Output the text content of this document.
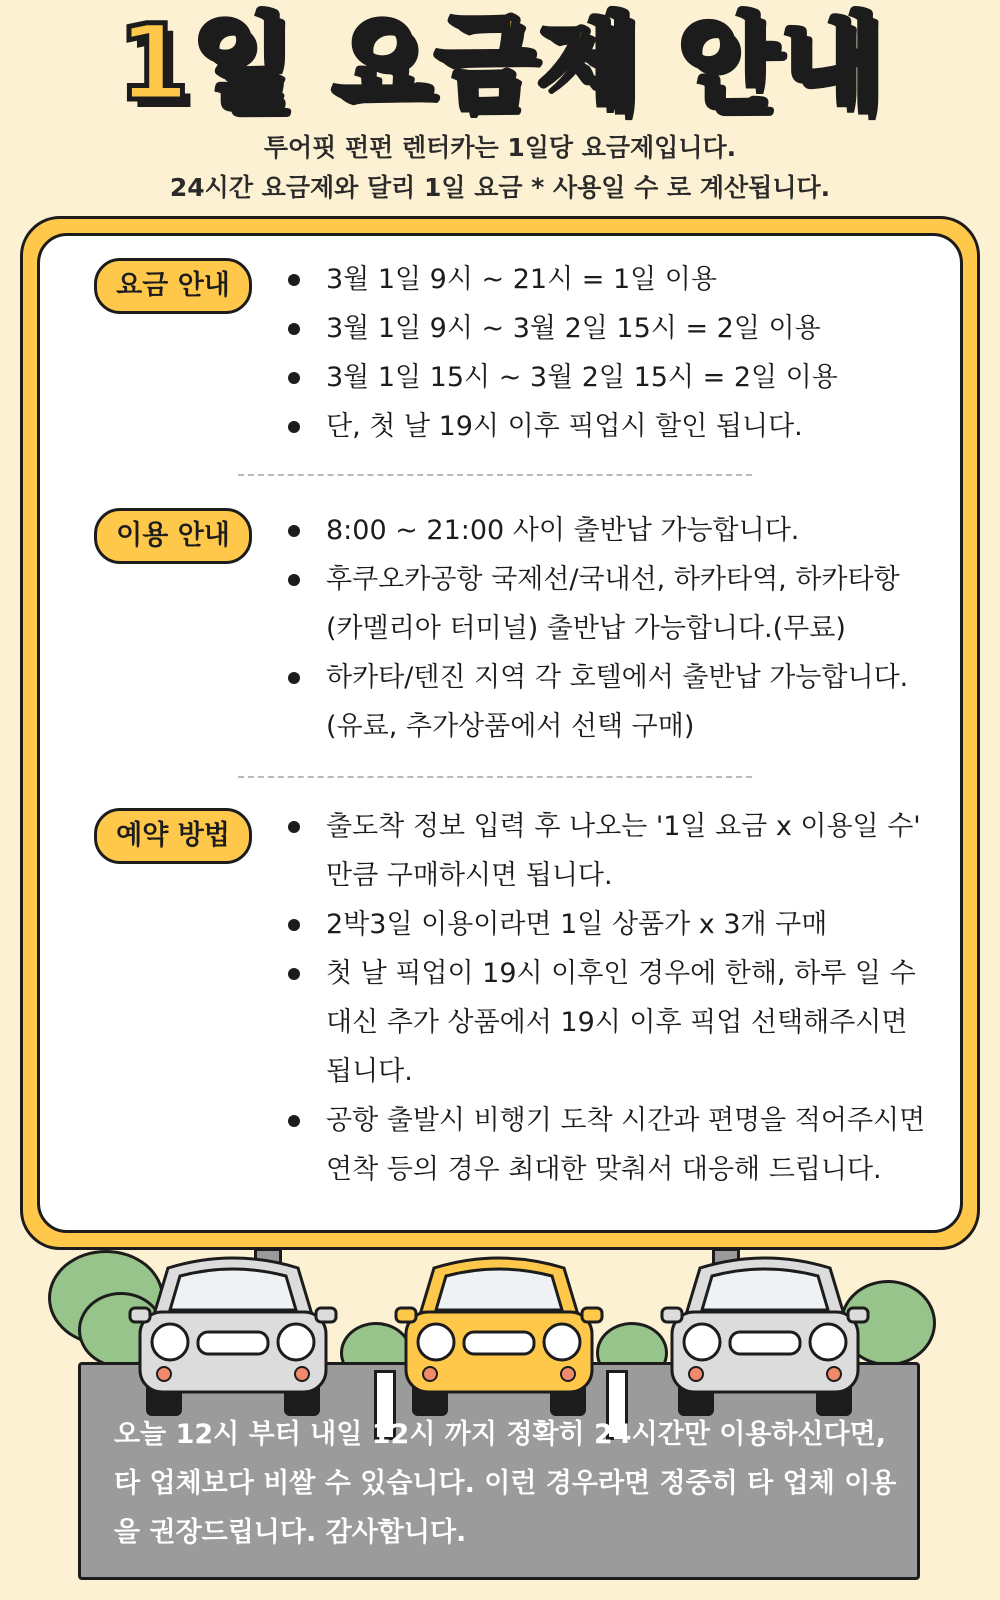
1일 요금제 안내
투어핏 펀펀 렌터카는 1일당 요금제입니다.
24시간 요금제와 달리 1일 요금 * 사용일 수 로 계산됩니다.
요금 안내	3월 1일 9시 ~ 21시 = 1일 이용
3월 1일 9시 ~ 3월 2일 15시 = 2일 이용
3월 1일 15시 ~ 3월 2일 15시 = 2일 이용
단, 첫 날 19시 이후 픽업시 할인 됩니다.
이용 안내	8:00 ~ 21:00 사이 출반납 가능합니다.
후쿠오카공항 국제선/국내선, 하카타역, 하카타항 (카멜리아 터미널) 출반납 가능합니다.(무료)
하카타/텐진 지역 각 호텔에서 출반납 가능합니다. (유료, 추가상품에서 선택 구매)
예약 방법	출도착 정보 입력 후 나오는 '1일 요금 x 이용일 수' 만큼 구매하시면 됩니다.
2박3일 이용이라면 1일 상품가 x 3개 구매
첫 날 픽업이 19시 이후인 경우에 한해, 하루 일 수 대신 추가 상품에서 19시 이후 픽업 선택해주시면 됩니다.
공항 출발시 비행기 도착 시간과 편명을 적어주시면 연착 등의 경우 최대한 맞춰서 대응해 드립니다.
오늘 12시 부터 내일 12시 까지 정확히 24시간만 이용하신다면, 타 업체보다 비쌀 수 있습니다. 이런 경우라면 정중히 타 업체 이용을 권장드립니다. 감사합니다.
